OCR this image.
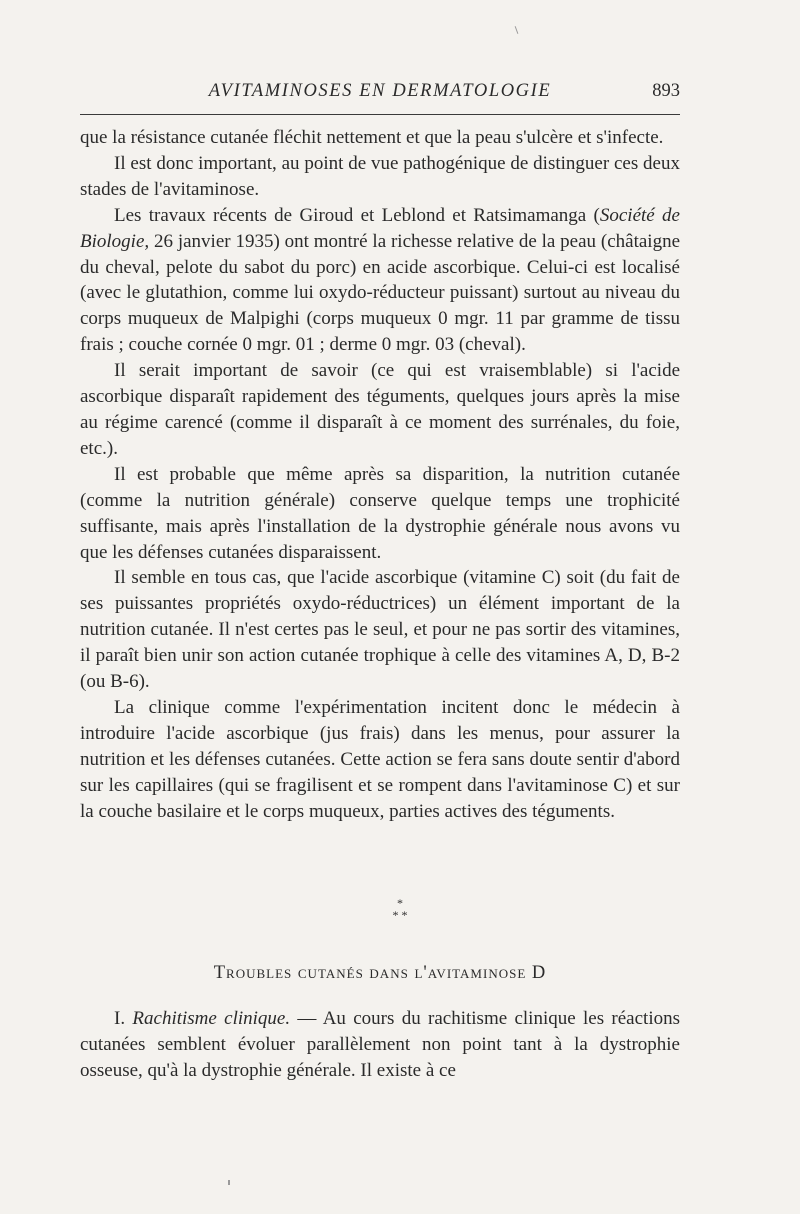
AVITAMINOSES EN DERMATOLOGIE	893

que la résistance cutanée fléchit nettement et que la peau s'ulcère et s'infecte.

Il est donc important, au point de vue pathogénique de distinguer ces deux stades de l'avitaminose.

Les travaux récents de Giroud et Leblond et Ratsimamanga (Société de Biologie, 26 janvier 1935) ont montré la richesse relative de la peau (châtaigne du cheval, pelote du sabot du porc) en acide ascorbique. Celui-ci est localisé (avec le glutathion, comme lui oxydo-réducteur puissant) surtout au niveau du corps muqueux de Malpighi (corps muqueux 0 mgr. 11 par gramme de tissu frais ; couche cornée 0 mgr. 01 ; derme 0 mgr. 03 (cheval).

Il serait important de savoir (ce qui est vraisemblable) si l'acide ascorbique disparaît rapidement des téguments, quelques jours après la mise au régime carencé (comme il disparaît à ce moment des surrénales, du foie, etc.).

Il est probable que même après sa disparition, la nutrition cutanée (comme la nutrition générale) conserve quelque temps une trophicité suffisante, mais après l'installation de la dystrophie générale nous avons vu que les défenses cutanées disparaissent.

Il semble en tous cas, que l'acide ascorbique (vitamine C) soit (du fait de ses puissantes propriétés oxydo-réductrices) un élément important de la nutrition cutanée. Il n'est certes pas le seul, et pour ne pas sortir des vitamines, il paraît bien unir son action cutanée trophique à celle des vitamines A, D, B-2 (ou B-6).

La clinique comme l'expérimentation incitent donc le médecin à introduire l'acide ascorbique (jus frais) dans les menus, pour assurer la nutrition et les défenses cutanées. Cette action se fera sans doute sentir d'abord sur les capillaires (qui se fragilisent et se rompent dans l'avitaminose C) et sur la couche basilaire et le corps muqueux, parties actives des téguments.

*
* *
Troubles cutanés dans l'avitaminose D

I. Rachitisme clinique. — Au cours du rachitisme clinique les réactions cutanées semblent évoluer parallèlement non point tant à la dystrophie osseuse, qu'à la dystrophie générale. Il existe à ce
